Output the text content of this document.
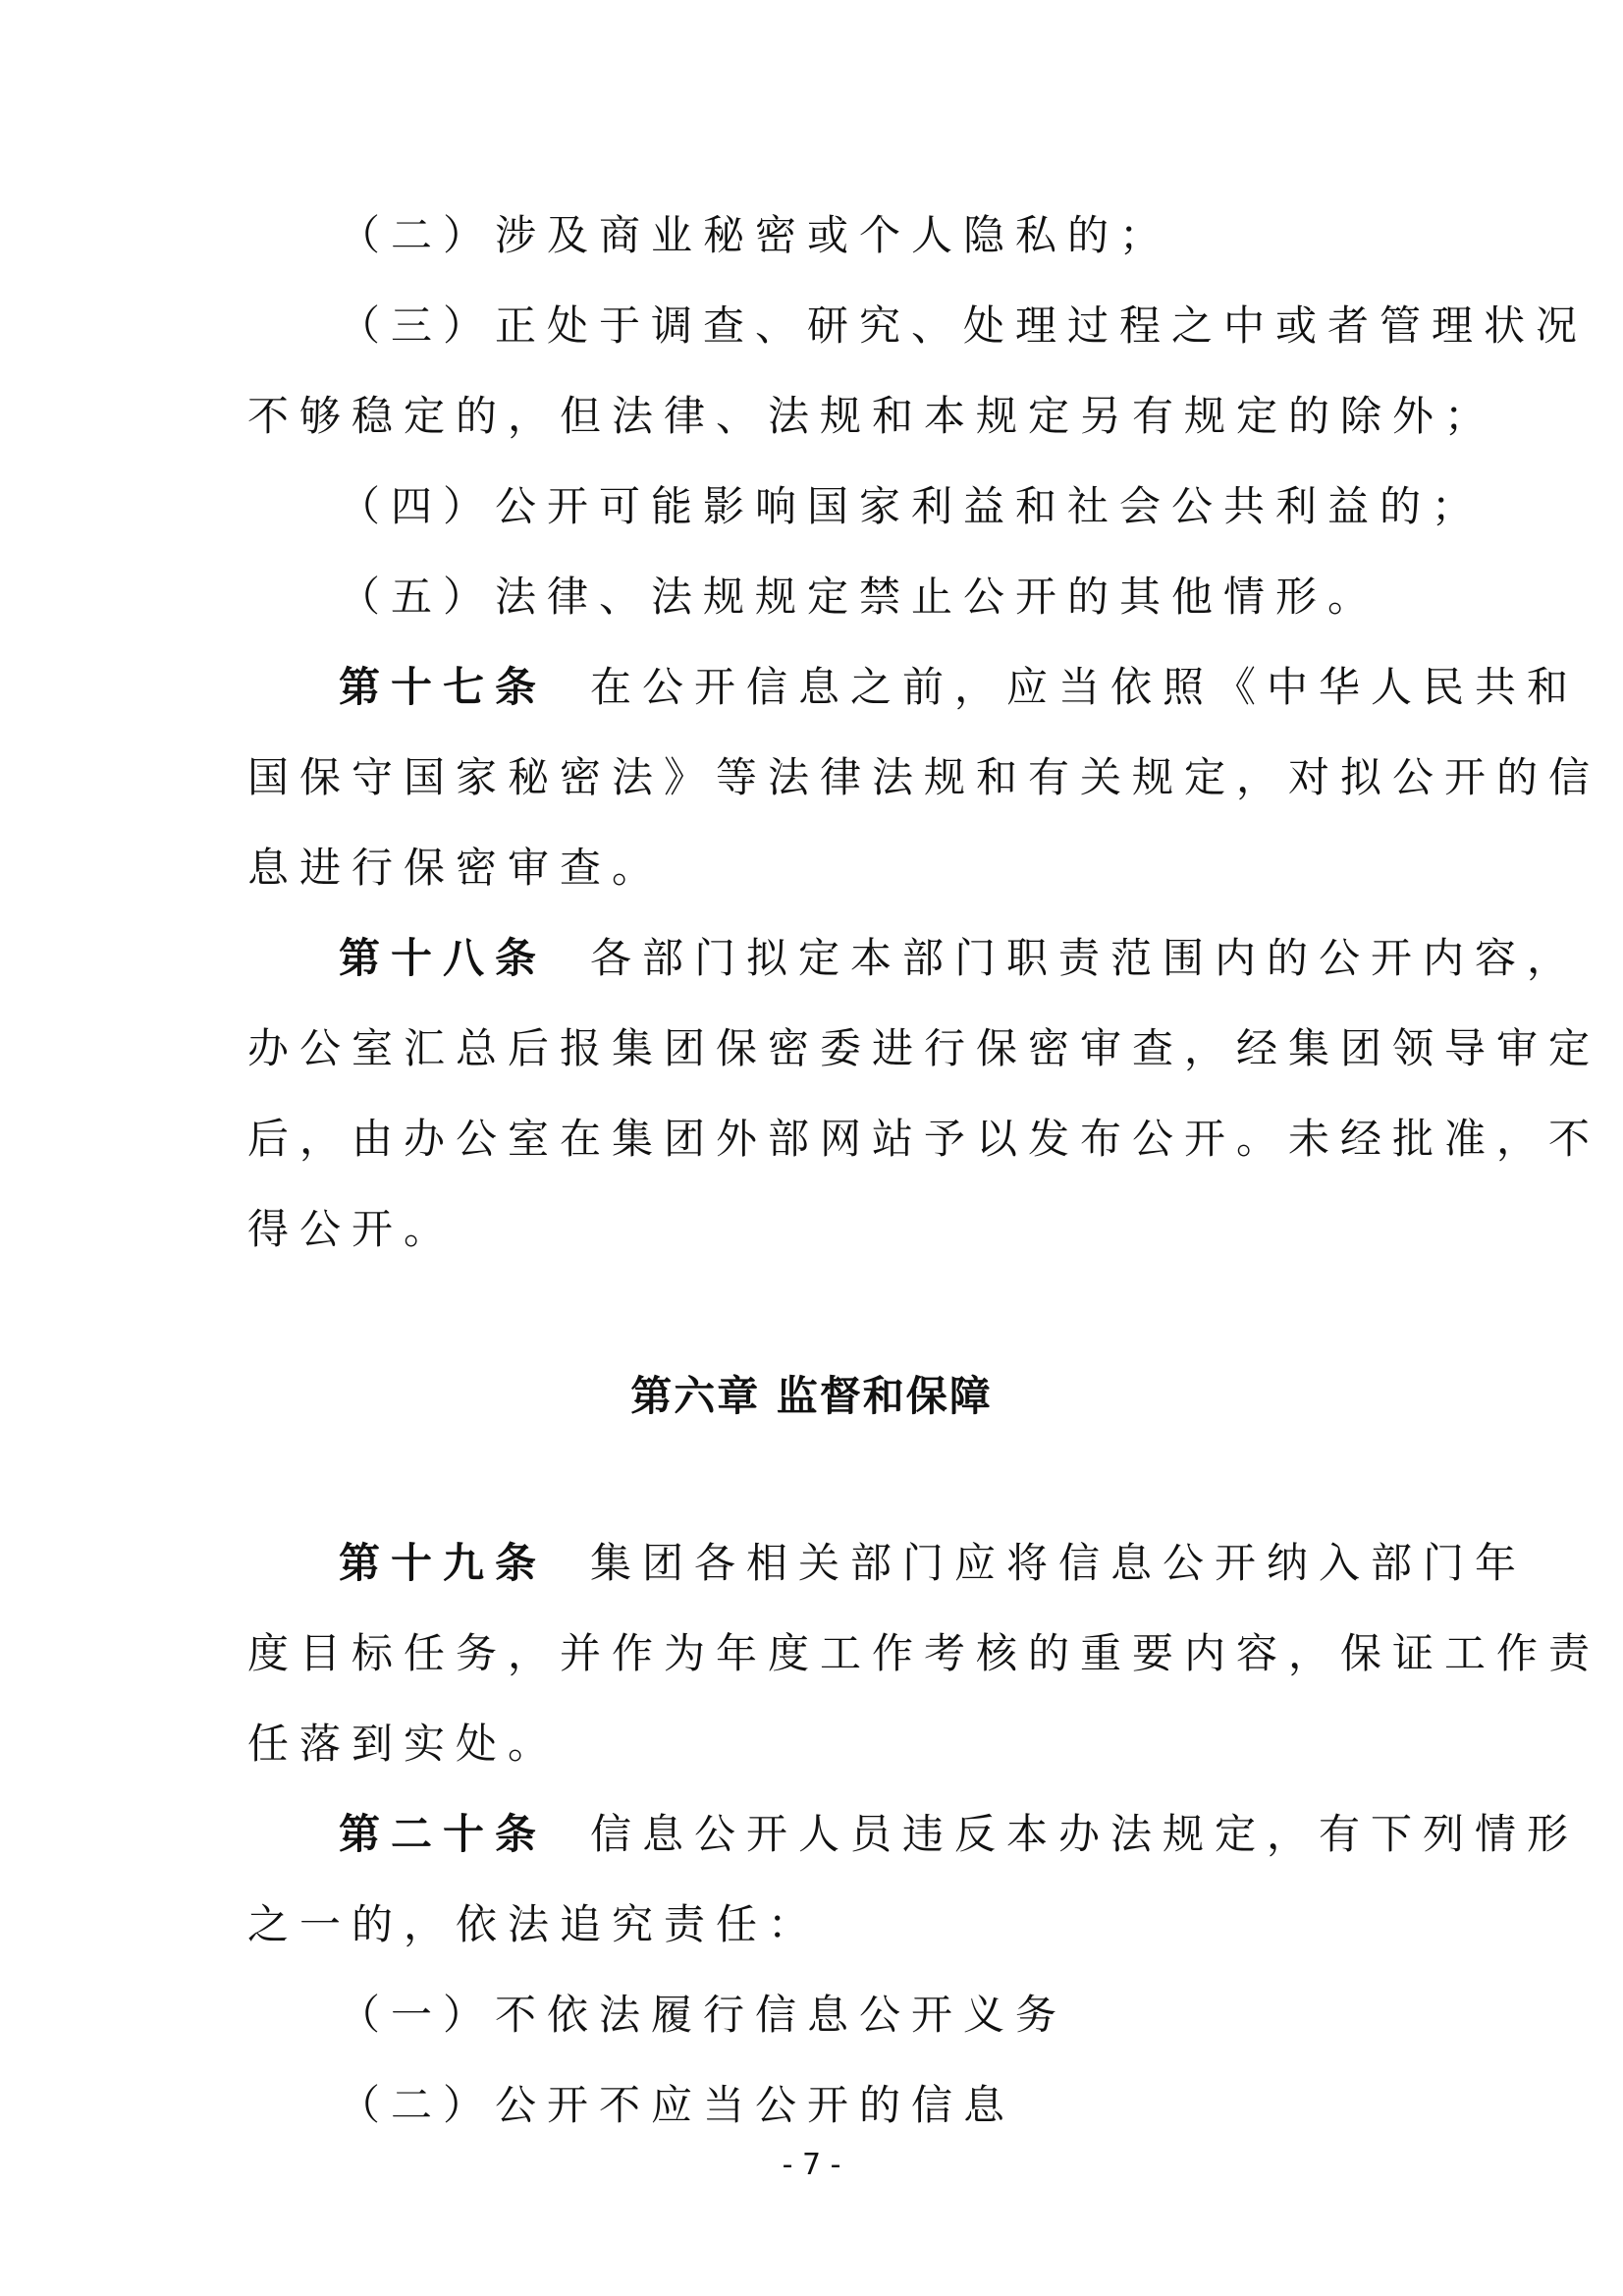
（二）涉及商业秘密或个人隐私的；
（三）正处于调查、研究、处理过程之中或者管理状况
不够稳定的，但法律、法规和本规定另有规定的除外；
（四）公开可能影响国家利益和社会公共利益的；
（五）法律、法规规定禁止公开的其他情形。
第十七条 在公开信息之前，应当依照《中华人民共和
国保守国家秘密法》等法律法规和有关规定，对拟公开的信
息进行保密审查。
第十八条 各部门拟定本部门职责范围内的公开内容，
办公室汇总后报集团保密委进行保密审查，经集团领导审定
后，由办公室在集团外部网站予以发布公开。未经批准，不
得公开。
第六章 监督和保障
第十九条 集团各相关部门应将信息公开纳入部门年
度目标任务，并作为年度工作考核的重要内容，保证工作责
任落到实处。
第二十条 信息公开人员违反本办法规定，有下列情形
之一的，依法追究责任：
（一）不依法履行信息公开义务
（二）公开不应当公开的信息
- 7 -
